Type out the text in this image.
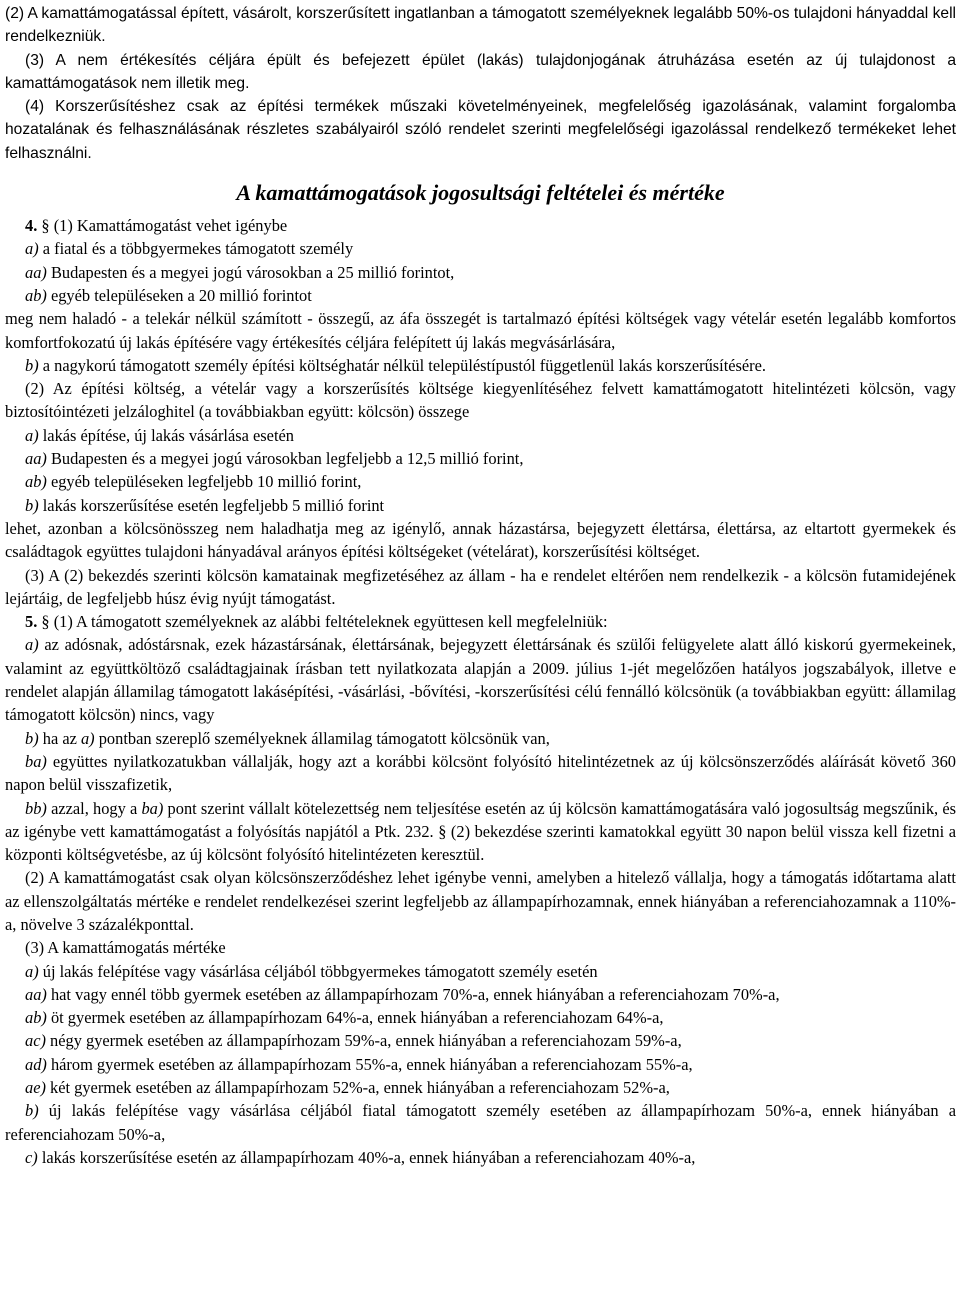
(2) A kamattámogatással épített, vásárolt, korszerűsített ingatlanban a támogatott személyeknek legalább 50%-os tulajdoni hányaddal kell rendelkezniük.

(3) A nem értékesítés céljára épült és befejezett épület (lakás) tulajdonjogának átruházása esetén az új tulajdonost a kamattámogatások nem illetik meg.

(4) Korszerűsítéshez csak az építési termékek műszaki követelményeinek, megfelelőség igazolásának, valamint forgalomba hozatalának és felhasználásának részletes szabályairól szóló rendelet szerinti megfelelőségi igazolással rendelkező termékeket lehet felhasználni.

A kamattámogatások jogosultsági feltételei és mértéke

4. § (1) Kamattámogatást vehet igénybe

a) a fiatal és a többgyermekes támogatott személy

aa) Budapesten és a megyei jogú városokban a 25 millió forintot,

ab) egyéb településeken a 20 millió forintot

meg nem haladó - a telekár nélkül számított - összegű, az áfa összegét is tartalmazó építési költségek vagy vételár esetén legalább komfortos komfortfokozatú új lakás építésére vagy értékesítés céljára felépített új lakás megvásárlására,

b) a nagykorú támogatott személy építési költséghatár nélkül településtípustól függetlenül lakás korszerűsítésére.

(2) Az építési költség, a vételár vagy a korszerűsítés költsége kiegyenlítéséhez felvett kamattámogatott hitelintézeti kölcsön, vagy biztosítóintézeti jelzáloghitel (a továbbiakban együtt: kölcsön) összege

a) lakás építése, új lakás vásárlása esetén

aa) Budapesten és a megyei jogú városokban legfeljebb a 12,5 millió forint,

ab) egyéb településeken legfeljebb 10 millió forint,

b) lakás korszerűsítése esetén legfeljebb 5 millió forint

lehet, azonban a kölcsönösszeg nem haladhatja meg az igénylő, annak házastársa, bejegyzett élettársa, élettársa, az eltartott gyermekek és családtagok együttes tulajdoni hányadával arányos építési költségeket (vételárat), korszerűsítési költséget.

(3) A (2) bekezdés szerinti kölcsön kamatainak megfizetéséhez az állam - ha e rendelet eltérően nem rendelkezik - a kölcsön futamidejének lejártáig, de legfeljebb húsz évig nyújt támogatást.

5. § (1) A támogatott személyeknek az alábbi feltételeknek együttesen kell megfelelniük:

a) az adósnak, adóstársnak, ezek házastársának, élettársának, bejegyzett élettársának és szülői felügyelete alatt álló kiskorú gyermekeinek, valamint az együttköltöző családtagjainak írásban tett nyilatkozata alapján a 2009. július 1-jét megelőzően hatályos jogszabályok, illetve e rendelet alapján államilag támogatott lakásépítési, -vásárlási, -bővítési, -korszerűsítési célú fennálló kölcsönük (a továbbiakban együtt: államilag támogatott kölcsön) nincs, vagy

b) ha az a) pontban szereplő személyeknek államilag támogatott kölcsönük van,

ba) együttes nyilatkozatukban vállalják, hogy azt a korábbi kölcsönt folyósító hitelintézetnek az új kölcsönszerződés aláírását követő 360 napon belül visszafizetik,

bb) azzal, hogy a ba) pont szerint vállalt kötelezettség nem teljesítése esetén az új kölcsön kamattámogatására való jogosultság megszűnik, és az igénybe vett kamattámogatást a folyósítás napjától a Ptk. 232. § (2) bekezdése szerinti kamatokkal együtt 30 napon belül vissza kell fizetni a központi költségvetésbe, az új kölcsönt folyósító hitelintézeten keresztül.

(2) A kamattámogatást csak olyan kölcsönszerződéshez lehet igénybe venni, amelyben a hitelező vállalja, hogy a támogatás időtartama alatt az ellenszolgáltatás mértéke e rendelet rendelkezései szerint legfeljebb az állampapírhozamnak, ennek hiányában a referenciahozamnak a 110%-a, növelve 3 százalékponttal.

(3) A kamattámogatás mértéke

a) új lakás felépítése vagy vásárlása céljából többgyermekes támogatott személy esetén

aa) hat vagy ennél több gyermek esetében az állampapírhozam 70%-a, ennek hiányában a referenciahozam 70%-a,

ab) öt gyermek esetében az állampapírhozam 64%-a, ennek hiányában a referenciahozam 64%-a,

ac) négy gyermek esetében az állampapírhozam 59%-a, ennek hiányában a referenciahozam 59%-a,

ad) három gyermek esetében az állampapírhozam 55%-a, ennek hiányában a referenciahozam 55%-a,

ae) két gyermek esetében az állampapírhozam 52%-a, ennek hiányában a referenciahozam 52%-a,

b) új lakás felépítése vagy vásárlása céljából fiatal támogatott személy esetében az állampapírhozam 50%-a, ennek hiányában a referenciahozam 50%-a,

c) lakás korszerűsítése esetén az állampapírhozam 40%-a, ennek hiányában a referenciahozam 40%-a,
